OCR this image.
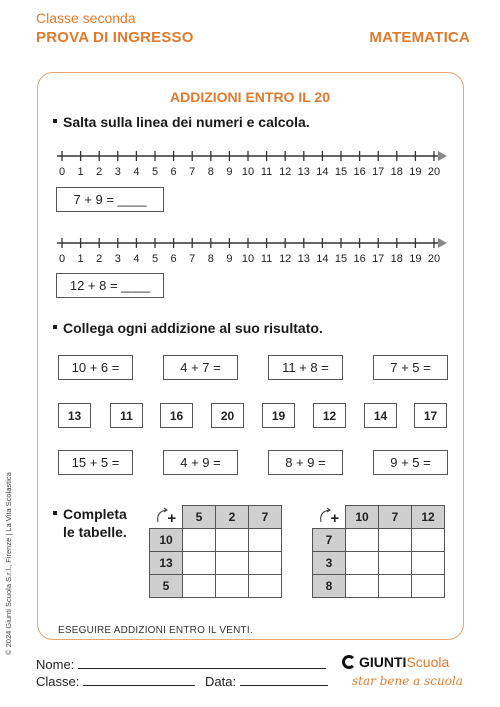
Classe seconda
PROVA DI INGRESSO	MATEMATICA
ADDIZIONI ENTRO IL 20
Salta sulla linea dei numeri e calcola.
0 1 2 3 4 5 6 7 8 9 10 11 12 13 14 15 16 17 18 19 20
7 + 9 = ____
0 1 2 3 4 5 6 7 8 9 10 11 12 13 14 15 16 17 18 19 20
12 + 8 = ____
Collega ogni addizione al suo risultato.
10 + 6 =	4 + 7 =	11 + 8 =	7 + 5 =
13	11	16	20	19	12	14	17
15 + 5 =	4 + 9 =	8 + 9 =	9 + 5 =
Completa
le tabelle.
+	5	2	7
10			
13			
5			
+	10	7	12
7			
3			
8			
ESEGUIRE ADDIZIONI ENTRO IL VENTI.
© 2024 Giunti Scuola S.r.l., Firenze | La Vita Scolastica
Nome:
Classe:	Data:
GIUNTIScuola
star bene a scuola
